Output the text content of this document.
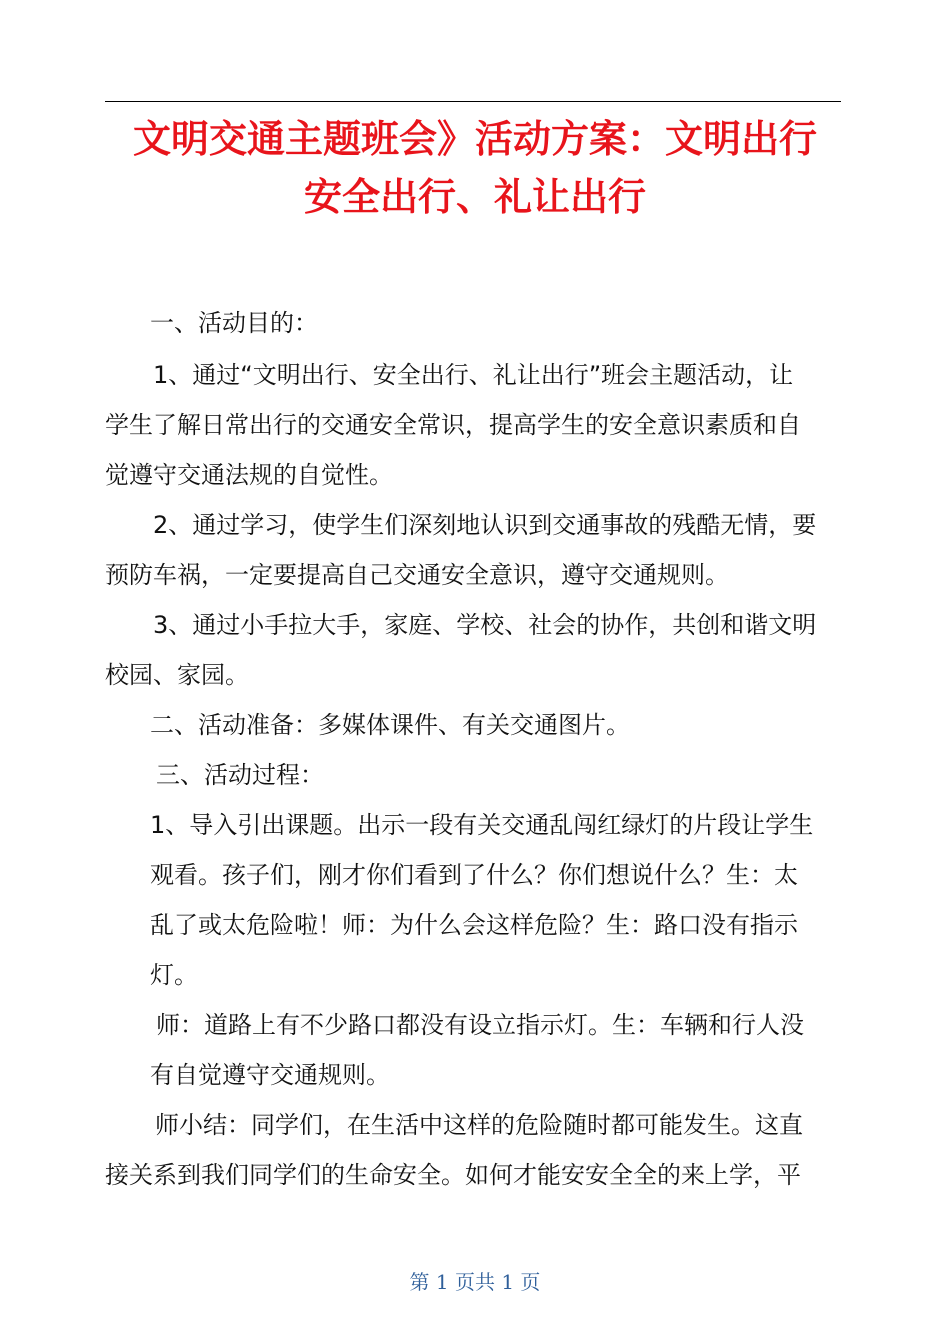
文明交通主题班会》活动方案：文明出行
安全出行、礼让出行

一、活动目的：

1、通过“文明出行、安全出行、礼让出行”班会主题活动，让
学生了解日常出行的交通安全常识，提高学生的安全意识素质和自
觉遵守交通法规的自觉性。

2、通过学习，使学生们深刻地认识到交通事故的残酷无情，要
预防车祸，一定要提高自己交通安全意识，遵守交通规则。

3、通过小手拉大手，家庭、学校、社会的协作，共创和谐文明
校园、家园。

二、活动准备：多媒体课件、有关交通图片。

三、活动过程：

1、导入引出课题。出示一段有关交通乱闯红绿灯的片段让学生
观看。孩子们，刚才你们看到了什么？你们想说什么？生：太
乱了或太危险啦！师：为什么会这样危险？生：路口没有指示
灯。

师：道路上有不少路口都没有设立指示灯。生：车辆和行人没
有自觉遵守交通规则。

师小结：同学们，在生活中这样的危险随时都可能发生。这直
接关系到我们同学们的生命安全。如何才能安安全全的来上学，平

第 1 页共 1 页
